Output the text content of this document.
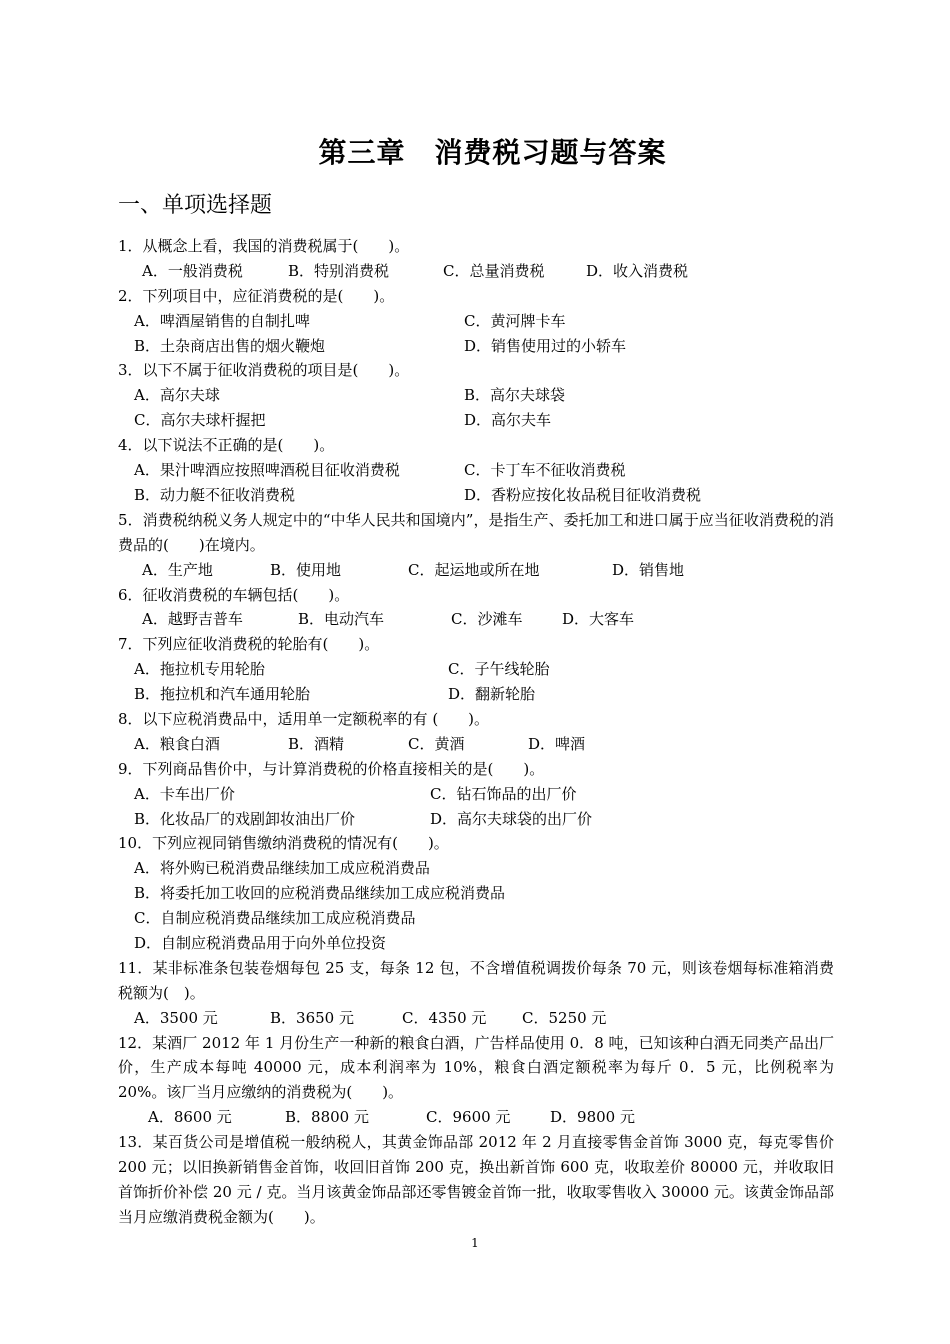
第三章　消费税习题与答案
一、单项选择题
1．从概念上看，我国的消费税属于(　　)。
A．一般消费税	B．特别消费税	C．总量消费税	D．收入消费税
2．下列项目中，应征消费税的是(　　)。
A．啤酒屋销售的自制扎啤	C．黄河牌卡车
B．土杂商店出售的烟火鞭炮	D．销售使用过的小轿车
3．以下不属于征收消费税的项目是(　　)。
A．高尔夫球	B．高尔夫球袋
C．高尔夫球杆握把	D．高尔夫车
4．以下说法不正确的是(　　)。
A．果汁啤酒应按照啤酒税目征收消费税	C．卡丁车不征收消费税
B．动力艇不征收消费税	D．香粉应按化妆品税目征收消费税
5．消费税纳税义务人规定中的“中华人民共和国境内”，是指生产、委托加工和进口属于应当征收消费税的消费品的(　　)在境内。
A．生产地	B．使用地	C．起运地或所在地	D．销售地
6．征收消费税的车辆包括(　　)。
A．越野吉普车	B．电动汽车	C．沙滩车	D．大客车
7．下列应征收消费税的轮胎有(　　)。
A．拖拉机专用轮胎	C．子午线轮胎
B．拖拉机和汽车通用轮胎	D．翻新轮胎
8．以下应税消费品中，适用单一定额税率的有 (　　)。
A．粮食白酒	B．酒精	C．黄酒	D．啤酒
9．下列商品售价中，与计算消费税的价格直接相关的是(　　)。
A．卡车出厂价	C．钻石饰品的出厂价
B．化妆品厂的戏剧卸妆油出厂价	D．高尔夫球袋的出厂价
10．下列应视同销售缴纳消费税的情况有(　　)。
A．将外购已税消费品继续加工成应税消费品
B．将委托加工收回的应税消费品继续加工成应税消费品
C．自制应税消费品继续加工成应税消费品
D．自制应税消费品用于向外单位投资
11．某非标准条包装卷烟每包 25 支，每条 12 包，不含增值税调拨价每条 70 元，则该卷烟每标准箱消费税额为(　)。
A．3500 元	B．3650 元	C．4350 元 C．5250 元
12．某酒厂 2012 年 1 月份生产一种新的粮食白酒，广告样品使用 0．8 吨，已知该种白酒无同类产品出厂价，生产成本每吨 40000 元，成本利润率为 10%，粮食白酒定额税率为每斤 0．5 元，比例税率为 20%。该厂当月应缴纳的消费税为(　　)。
A．8600 元	B．8800 元	C．9600 元	D．9800 元
13．某百货公司是增值税一般纳税人，其黄金饰品部 2012 年 2 月直接零售金首饰 3000 克，每克零售价 200 元；以旧换新销售金首饰，收回旧首饰 200 克，换出新首饰 600 克，收取差价 80000 元，并收取旧首饰折价补偿 20 元 / 克。当月该黄金饰品部还零售镀金首饰一批，收取零售收入 30000 元。该黄金饰品部当月应缴消费税金额为(　　)。
1
